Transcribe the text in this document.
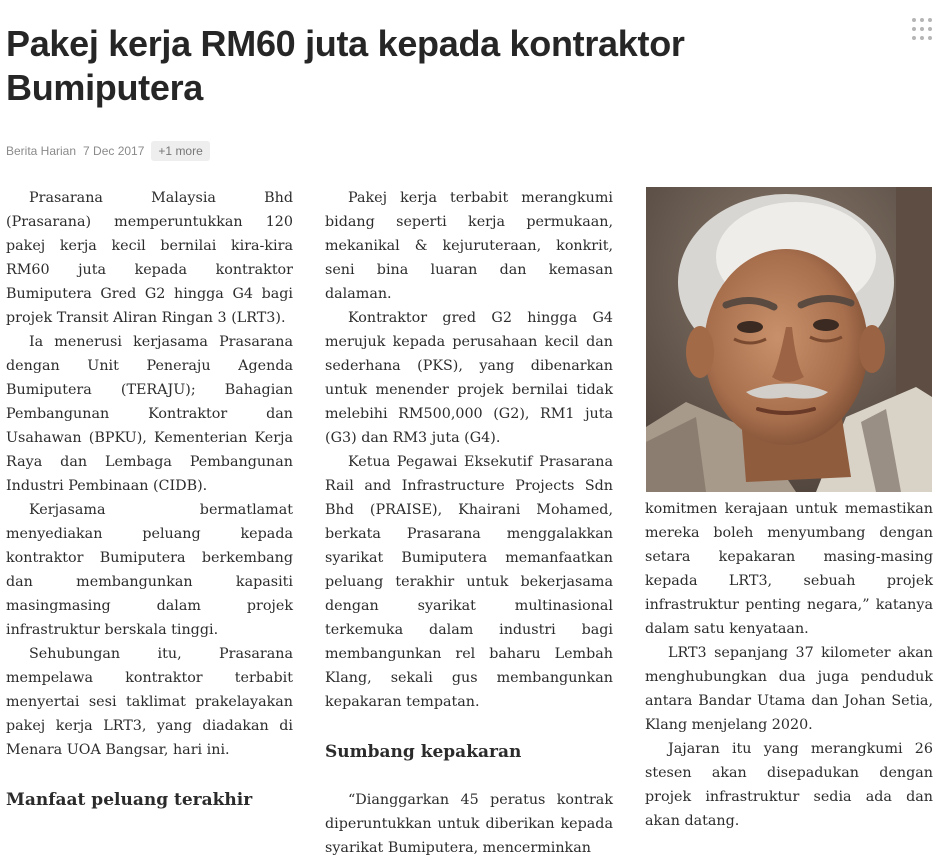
Pakej kerja RM60 juta kepada kontraktor Bumiputera
Berita Harian 7 Dec 2017	+1 more

Prasarana Malaysia Bhd (Prasarana) memperuntukkan 120 pakej kerja kecil bernilai kira-kira RM60 juta kepada kontraktor Bumiputera Gred G2 hingga G4 bagi projek Transit Aliran Ringan 3 (LRT3).

Ia menerusi kerjasama Prasarana dengan Unit Peneraju Agenda Bumiputera (TERAJU); Bahagian Pembangunan Kontraktor dan Usahawan (BPKU), Kementerian Kerja Raya dan Lembaga Pembangunan Industri Pembinaan (CIDB).

Kerjasama bermatlamat menyediakan peluang kepada kontraktor Bumiputera berkembang dan membangunkan kapasiti masingmasing dalam projek infrastruktur berskala tinggi.

Sehubungan itu, Prasarana mempelawa kontraktor terbabit menyertai sesi taklimat prakelayakan pakej kerja LRT3, yang diadakan di Menara UOA Bangsar, hari ini.

Manfaat peluang terakhir

Pakej kerja terbabit merangkumi bidang seperti kerja permukaan, mekanikal & kejuruteraan, konkrit, seni bina luaran dan kemasan dalaman.

Kontraktor gred G2 hingga G4 merujuk kepada perusahaan kecil dan sederhana (PKS), yang dibenarkan untuk menender projek bernilai tidak melebihi RM500,000 (G2), RM1 juta (G3) dan RM3 juta (G4).

Ketua Pegawai Eksekutif Prasarana Rail and Infrastructure Projects Sdn Bhd (PRAISE), Khairani Mohamed, berkata Prasarana menggalakkan syarikat Bumiputera memanfaatkan peluang terakhir untuk bekerjasama dengan syarikat multinasional terkemuka dalam industri bagi membangunkan rel baharu Lembah Klang, sekali gus membangunkan kepakaran tempatan.

Sumbang kepakaran

“Dianggarkan 45 peratus kontrak diperuntukkan untuk diberikan kepada syarikat Bumiputera, mencerminkan

komitmen kerajaan untuk memastikan mereka boleh menyumbang dengan setara kepakaran masing-masing kepada LRT3, sebuah projek infrastruktur penting negara,” katanya dalam satu kenyataan.

LRT3 sepanjang 37 kilometer akan menghubungkan dua juga penduduk antara Bandar Utama dan Johan Setia, Klang menjelang 2020.

Jajaran itu yang merangkumi 26 stesen akan disepadukan dengan projek infrastruktur sedia ada dan akan datang.
